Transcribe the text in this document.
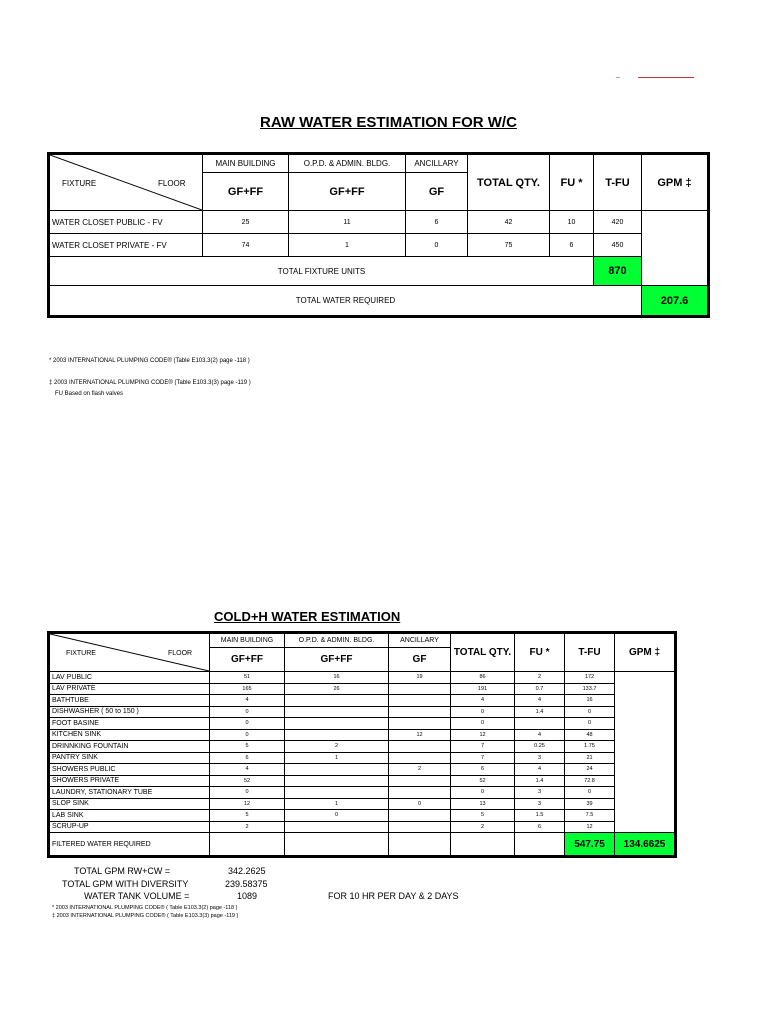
RAW WATER ESTIMATION FOR W/C
FIXTURE FLOOR	MAIN BUILDING	O.P.D. & ADMIN. BLDG.	ANCILLARY	TOTAL QTY.	FU *	T-FU	GPM ‡
	GF+FF	GF+FF	GF				
WATER CLOSET PUBLIC - FV	25	11	6	42	10	420	
WATER CLOSET PRIVATE - FV	74	1	0	75	6	450	
TOTAL FIXTURE UNITS						870	
TOTAL WATER REQUIRED							207.6
* 2003 INTERNATIONAL PLUMPING CODE® (Table E103.3(2) page -118 )
‡ 2003 INTERNATIONAL PLUMPING CODE® (Table E103.3(3) page -119 )
FU Based on flash valves
COLD+H WATER ESTIMATION
FIXTURE FLOOR	MAIN BUILDING	O.P.D. & ADMIN. BLDG.	ANCILLARY	TOTAL QTY.	FU *	T-FU	GPM ‡
	GF+FF	GF+FF	GF				
LAV PUBLIC	51	16	19	86	2	172	
LAV PRIVATE	165	26		191	0.7	133.7	
BATHTUBE	4			4	4	16	
DISHWASHER ( 50 to 150 )	0			0	1.4	0	
FOOT BASINE	0			0		0	
KITCHEN SINK	0		12	12	4	48	
DRINNKING FOUNTAIN	5	2		7	0.25	1.75	
PANTRY SINK	6	1		7	3	21	
SHOWERS PUBLIC	4		2	6	4	24	
SHOWERS PRIVATE	52			52	1.4	72.8	
LAUNDRY, STATIONARY TUBE	0			0	3	0	
SLOP SINK	12	1	0	13	3	39	
LAB SINK	5	0		5	1.5	7.5	
SCRUP-UP	2			2	6	12	
FILTERED WATER REQUIRED						547.75	134.6625
TOTAL GPM RW+CW =	342.2625
TOTAL GPM WITH DIVERSITY	239.58375
WATER TANK VOLUME =	1089	FOR 10 HR PER DAY & 2 DAYS
* 2003 INTERNATIONAL PLUMPING CODE® ( Table E103.3(2) page -118 )
‡ 2003 INTERNATIONAL PLUMPING CODE® ( Table E103.3(3) page -119 )
